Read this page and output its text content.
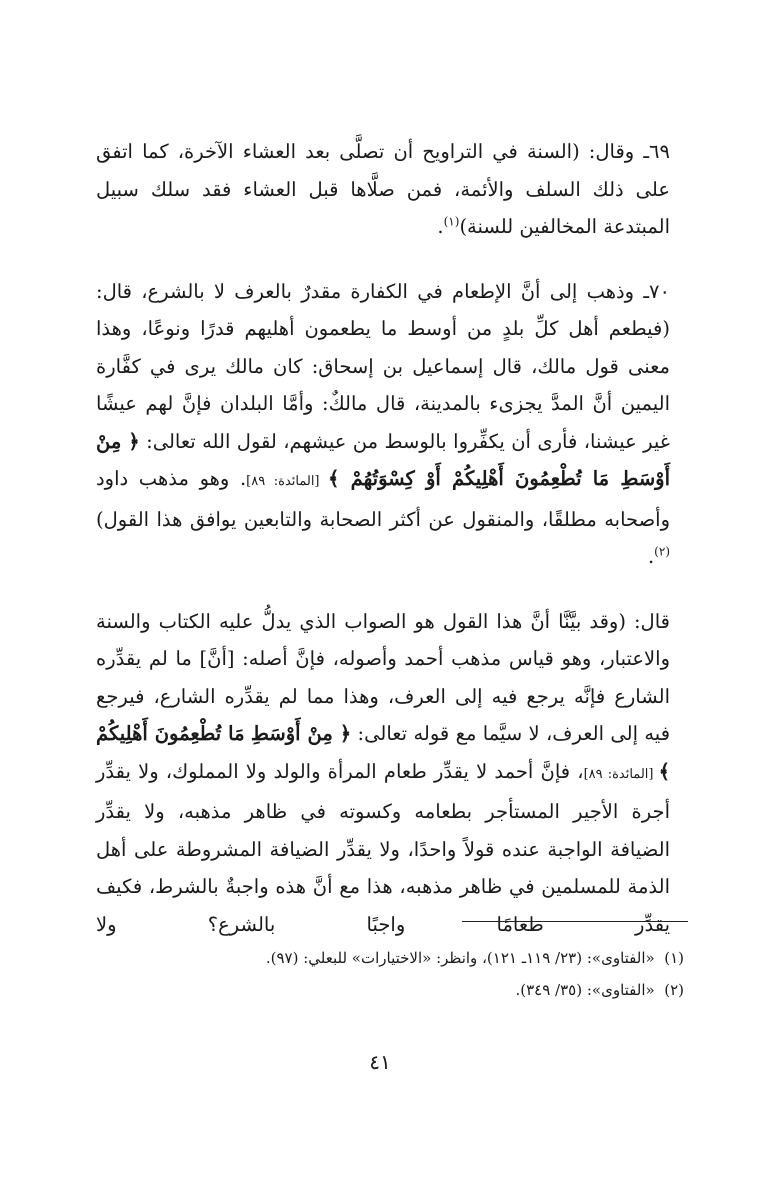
٦٩ـ وقال: (السنة في التراويح أن تصلَّى بعد العشاء الآخرة، كما اتفق على ذلك السلف والأئمة، فمن صلَّاها قبل العشاء فقد سلك سبيل المبتدعة المخالفين للسنة)$^{(١)}$.

٧٠ـ وذهب إلى أنَّ الإطعام في الكفارة مقدرٌ بالعرف لا بالشرع، قال: (فيطعم أهل كلِّ بلدٍ من أوسط ما يطعمون أهليهم قدرًا ونوعًا، وهذا معنى قول مالك، قال إسماعيل بن إسحاق: كان مالك يرى في كفَّارة اليمين أنَّ المدَّ يجزىء بالمدينة، قال مالكٌ: وأمَّا البلدان فإنَّ لهم عيشًا غير عيشنا، فأرى أن يكفِّروا بالوسط من عيشهم، لقول الله تعالى: ﴿ مِنْ أَوْسَطِ مَا تُطْعِمُونَ أَهْلِيكُمْ أَوْ كِسْوَتُهُمْ ﴾ [المائدة: ٨٩]. وهو مذهب داود وأصحابه مطلقًا، والمنقول عن أكثر الصحابة والتابعين يوافق هذا القول)$^{(٢)}$.

قال: (وقد بيَّنَّا أنَّ هذا القول هو الصواب الذي يدلُّ عليه الكتاب والسنة والاعتبار، وهو قياس مذهب أحمد وأصوله، فإنَّ أصله: [أنَّ] ما لم يقدِّره الشارع فإنَّه يرجع فيه إلى العرف، وهذا مما لم يقدِّره الشارع، فيرجع فيه إلى العرف، لا سيَّما مع قوله تعالى: ﴿ مِنْ أَوْسَطِ مَا تُطْعِمُونَ أَهْلِيكُمْ ﴾ [المائدة: ٨٩]، فإنَّ أحمد لا يقدِّر طعام المرأة والولد ولا المملوك، ولا يقدِّر أجرة الأجير المستأجر بطعامه وكسوته في ظاهر مذهبه، ولا يقدِّر الضيافة الواجبة عنده قولاً واحدًا، ولا يقدِّر الضيافة المشروطة على أهل الذمة للمسلمين في ظاهر مذهبه، هذا مع أنَّ هذه واجبةٌ بالشرط، فكيف يقدِّر طعامًا واجبًا بالشرع؟ ولا

(١)  «الفتاوى»: (٢٣/ ١١٩ـ ١٢١)، وانظر: «الاختيارات» للبعلي: (٩٧).

(٢)  «الفتاوى»: (٣٥/ ٣٤٩).

٤١
